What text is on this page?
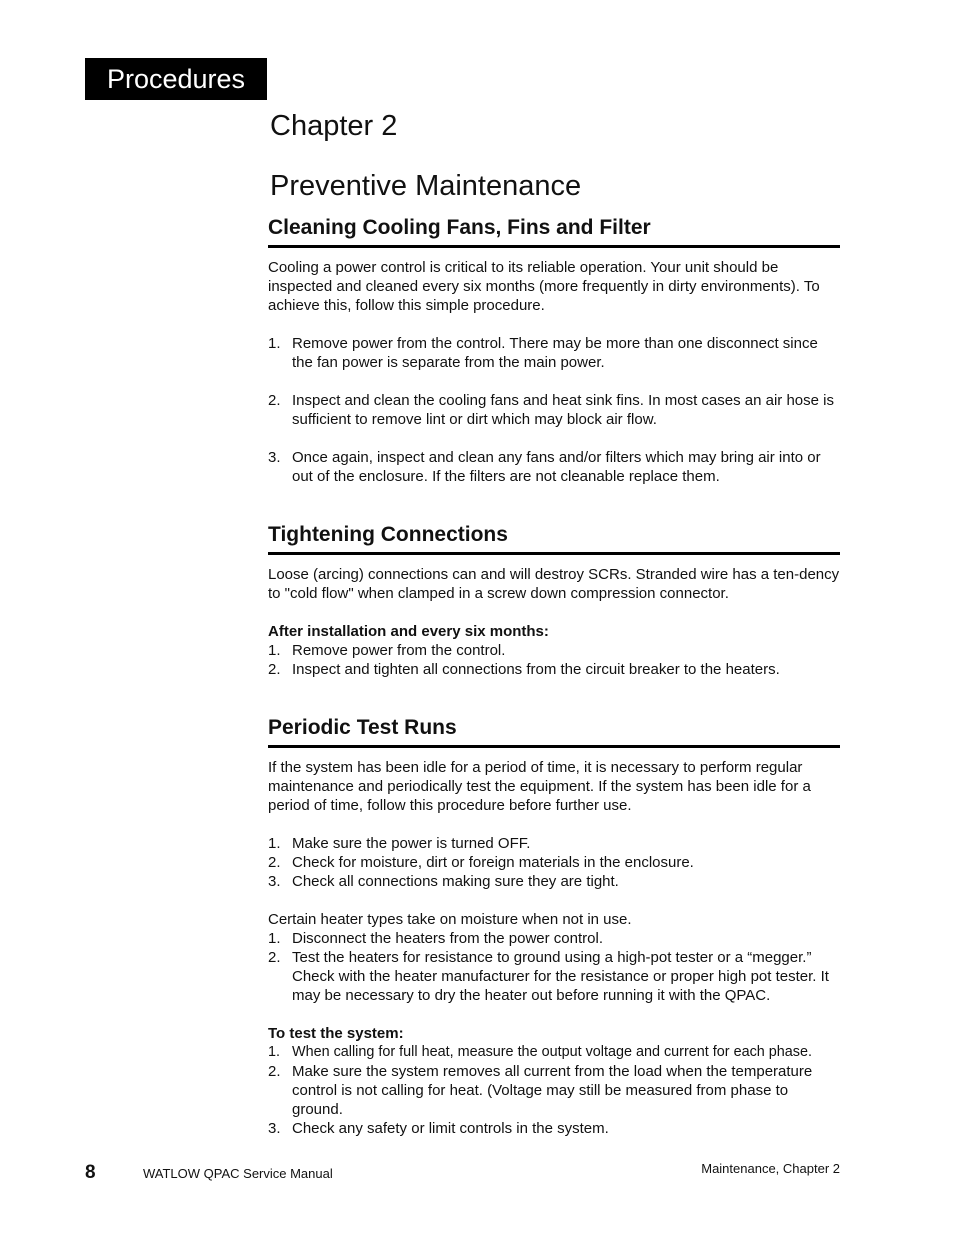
Procedures
Chapter 2
Preventive Maintenance
Cleaning Cooling Fans, Fins and Filter

Cooling a power control is critical to its reliable operation. Your unit should be inspected and cleaned every six months (more frequently in dirty environments). To achieve this, follow this simple procedure.

1. Remove power from the control. There may be more than one disconnect since the fan power is separate from the main power.
2. Inspect and clean the cooling fans and heat sink fins. In most cases an air hose is sufficient to remove lint or dirt which may block air flow.
3. Once again, inspect and clean any fans and/or filters which may bring air into or out of the enclosure. If the filters are not cleanable replace them.
Tightening Connections

Loose (arcing) connections can and will destroy SCRs. Stranded wire has a ten-dency to "cold flow" when clamped in a screw down compression connector.

After installation and every six months:

1. Remove power from the control.
2. Inspect and tighten all connections from the circuit breaker to the heaters.
Periodic Test Runs

If the system has been idle for a period of time, it is necessary to perform regular maintenance and periodically test the equipment. If the system has been idle for a period of time, follow this procedure before further use.

1. Make sure the power is turned OFF.
2. Check for moisture, dirt or foreign materials in the enclosure.
3. Check all connections making sure they are tight.

Certain heater types take on moisture when not in use.

1. Disconnect the heaters from the power control.
2. Test the heaters for resistance to ground using a high-pot tester or a “megger.” Check with the heater manufacturer for the resistance or proper high pot tester. It may be necessary to dry the heater out before running it with the QPAC.

To test the system:

1. When calling for full heat, measure the output voltage and current for each phase.
2. Make sure the system removes all current from the load when the temperature control is not calling for heat. (Voltage may still be measured from phase to ground.
3. Check any safety or limit controls in the system.
8	WATLOW QPAC Service Manual	Maintenance, Chapter 2
